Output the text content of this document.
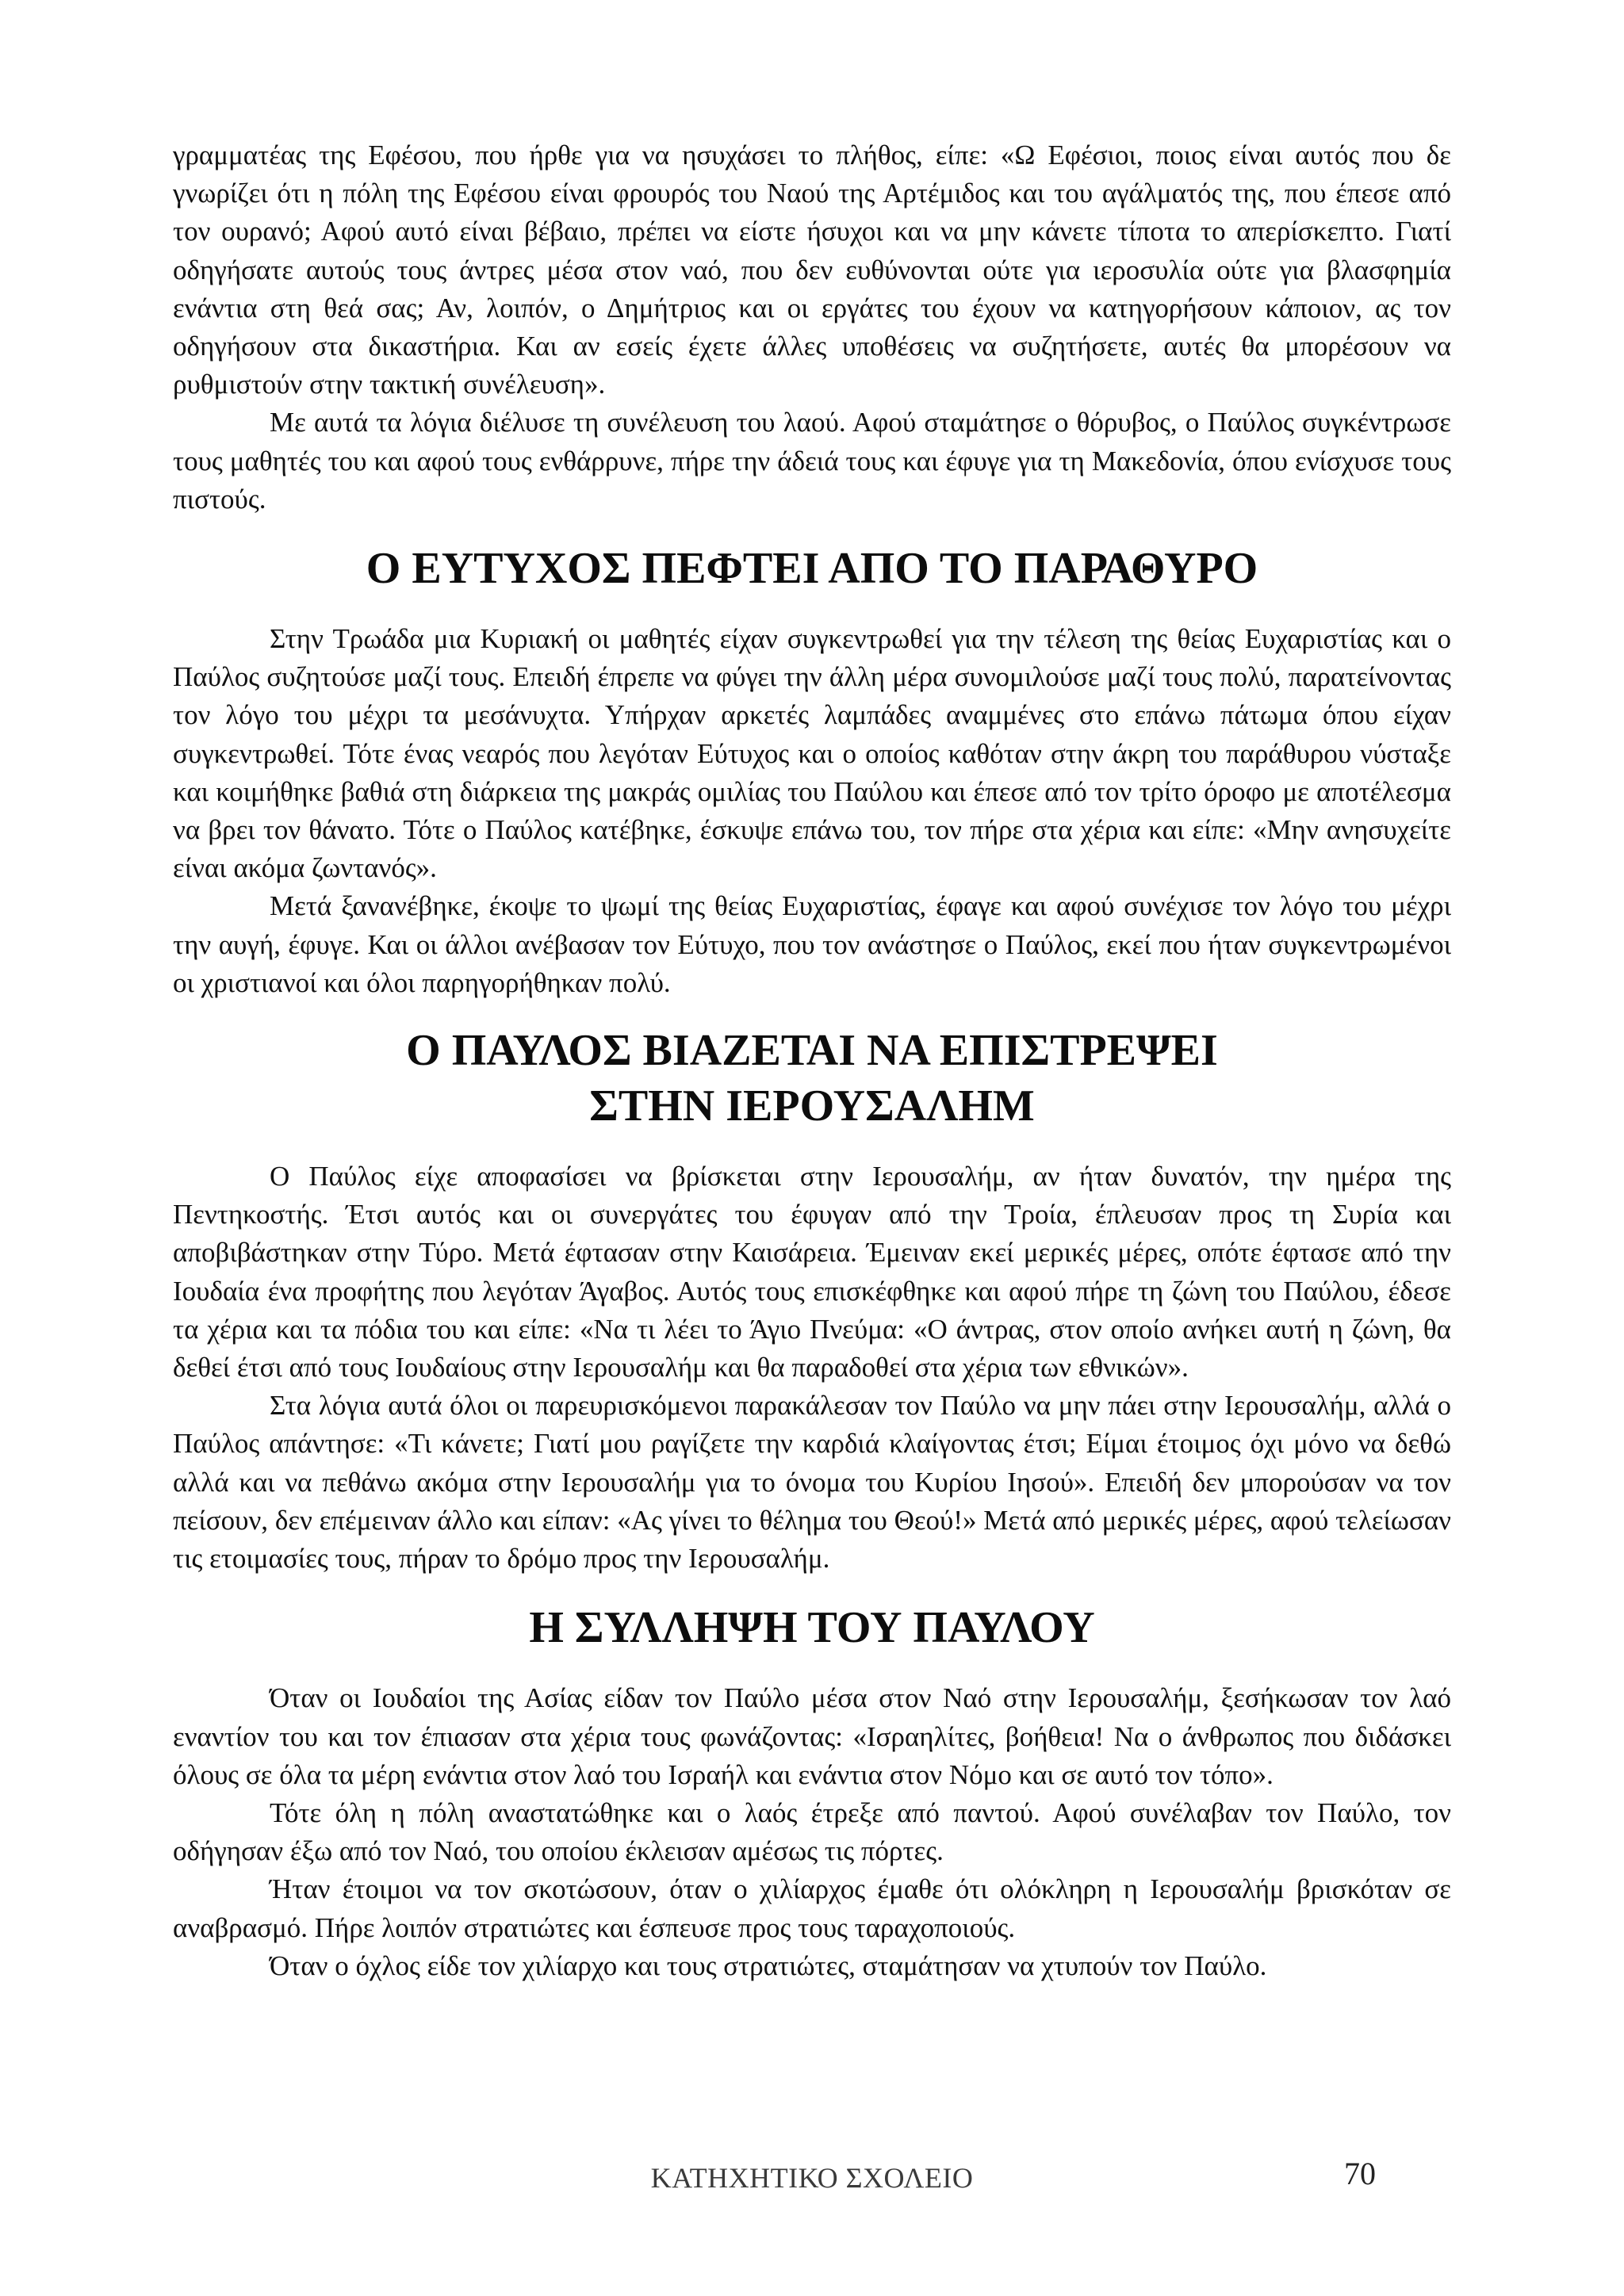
γραμματέας της Εφέσου, που ήρθε για να ησυχάσει το πλήθος, είπε: «Ω Εφέσιοι, ποιος είναι αυτός που δε γνωρίζει ότι η πόλη της Εφέσου είναι φρουρός του Ναού της Αρτέμιδος και του αγάλματός της, που έπεσε από τον ουρανό; Αφού αυτό είναι βέβαιο, πρέπει να είστε ήσυχοι και να μην κάνετε τίποτα το απερίσκεπτο. Γιατί οδηγήσατε αυτούς τους άντρες μέσα στον ναό, που δεν ευθύνονται ούτε για ιεροσυλία ούτε για βλασφημία ενάντια στη θεά σας; Αν, λοιπόν, ο Δημήτριος και οι εργάτες του έχουν να κατηγορήσουν κάποιον, ας τον οδηγήσουν στα δικαστήρια. Και αν εσείς έχετε άλλες υποθέσεις να συζητήσετε, αυτές θα μπορέσουν να ρυθμιστούν στην τακτική συνέλευση».

Με αυτά τα λόγια διέλυσε τη συνέλευση του λαού. Αφού σταμάτησε ο θόρυβος, ο Παύλος συγκέντρωσε τους μαθητές του και αφού τους ενθάρρυνε, πήρε την άδειά τους και έφυγε για τη Μακεδονία, όπου ενίσχυσε τους πιστούς.

Ο ΕΥΤΥΧΟΣ ΠΕΦΤΕΙ ΑΠΟ ΤΟ ΠΑΡΑΘΥΡΟ

Στην Τρωάδα μια Κυριακή οι μαθητές είχαν συγκεντρωθεί για την τέλεση της θείας Ευχαριστίας και ο Παύλος συζητούσε μαζί τους. Επειδή έπρεπε να φύγει την άλλη μέρα συνομιλούσε μαζί τους πολύ, παρατείνοντας τον λόγο του μέχρι τα μεσάνυχτα. Υπήρχαν αρκετές λαμπάδες αναμμένες στο επάνω πάτωμα όπου είχαν συγκεντρωθεί. Τότε ένας νεαρός που λεγόταν Εύτυχος και ο οποίος καθόταν στην άκρη του παράθυρου νύσταξε και κοιμήθηκε βαθιά στη διάρκεια της μακράς ομιλίας του Παύλου και έπεσε από τον τρίτο όροφο με αποτέλεσμα να βρει τον θάνατο. Τότε ο Παύλος κατέβηκε, έσκυψε επάνω του, τον πήρε στα χέρια και είπε: «Μην ανησυχείτε είναι ακόμα ζωντανός».

Μετά ξανανέβηκε, έκοψε το ψωμί της θείας Ευχαριστίας, έφαγε και αφού συνέχισε τον λόγο του μέχρι την αυγή, έφυγε. Και οι άλλοι ανέβασαν τον Εύτυχο, που τον ανάστησε ο Παύλος, εκεί που ήταν συγκεντρωμένοι οι χριστιανοί και όλοι παρηγορήθηκαν πολύ.

Ο ΠΑΥΛΟΣ ΒΙΑΖΕΤΑΙ ΝΑ ΕΠΙΣΤΡΕΨΕΙ
ΣΤΗΝ ΙΕΡΟΥΣΑΛΗΜ

Ο Παύλος είχε αποφασίσει να βρίσκεται στην Ιερουσαλήμ, αν ήταν δυνατόν, την ημέρα της Πεντηκοστής. Έτσι αυτός και οι συνεργάτες του έφυγαν από την Τροία, έπλευσαν προς τη Συρία και αποβιβάστηκαν στην Τύρο. Μετά έφτασαν στην Καισάρεια. Έμειναν εκεί μερικές μέρες, οπότε έφτασε από την Ιουδαία ένα προφήτης που λεγόταν Άγαβος. Αυτός τους επισκέφθηκε και αφού πήρε τη ζώνη του Παύλου, έδεσε τα χέρια και τα πόδια του και είπε: «Να τι λέει το Άγιο Πνεύμα: «Ο άντρας, στον οποίο ανήκει αυτή η ζώνη, θα δεθεί έτσι από τους Ιουδαίους στην Ιερουσαλήμ και θα παραδοθεί στα χέρια των εθνικών».

Στα λόγια αυτά όλοι οι παρευρισκόμενοι παρακάλεσαν τον Παύλο να μην πάει στην Ιερουσαλήμ, αλλά ο Παύλος απάντησε: «Τι κάνετε; Γιατί μου ραγίζετε την καρδιά κλαίγοντας έτσι; Είμαι έτοιμος όχι μόνο να δεθώ αλλά και να πεθάνω ακόμα στην Ιερουσαλήμ για το όνομα του Κυρίου Ιησού». Επειδή δεν μπορούσαν να τον πείσουν, δεν επέμειναν άλλο και είπαν: «Ας γίνει το θέλημα του Θεού!» Μετά από μερικές μέρες, αφού τελείωσαν τις ετοιμασίες τους, πήραν το δρόμο προς την Ιερουσαλήμ.

Η ΣΥΛΛΗΨΗ ΤΟΥ ΠΑΥΛΟΥ

Όταν οι Ιουδαίοι της Ασίας είδαν τον Παύλο μέσα στον Ναό στην Ιερουσαλήμ, ξεσήκωσαν τον λαό εναντίον του και τον έπιασαν στα χέρια τους φωνάζοντας: «Ισραηλίτες, βοήθεια! Να ο άνθρωπος που διδάσκει όλους σε όλα τα μέρη ενάντια στον λαό του Ισραήλ και ενάντια στον Νόμο και σε αυτό τον τόπο».

Τότε όλη η πόλη αναστατώθηκε και ο λαός έτρεξε από παντού. Αφού συνέλαβαν τον Παύλο, τον οδήγησαν έξω από τον Ναό, του οποίου έκλεισαν αμέσως τις πόρτες.

Ήταν έτοιμοι να τον σκοτώσουν, όταν ο χιλίαρχος έμαθε ότι ολόκληρη η Ιερουσαλήμ βρισκόταν σε αναβρασμό. Πήρε λοιπόν στρατιώτες και έσπευσε προς τους ταραχοποιούς.

Όταν ο όχλος είδε τον χιλίαρχο και τους στρατιώτες, σταμάτησαν να χτυπούν τον Παύλο.

ΚΑΤΗΧΗΤΙΚΟ ΣΧΟΛΕΙΟ	70
